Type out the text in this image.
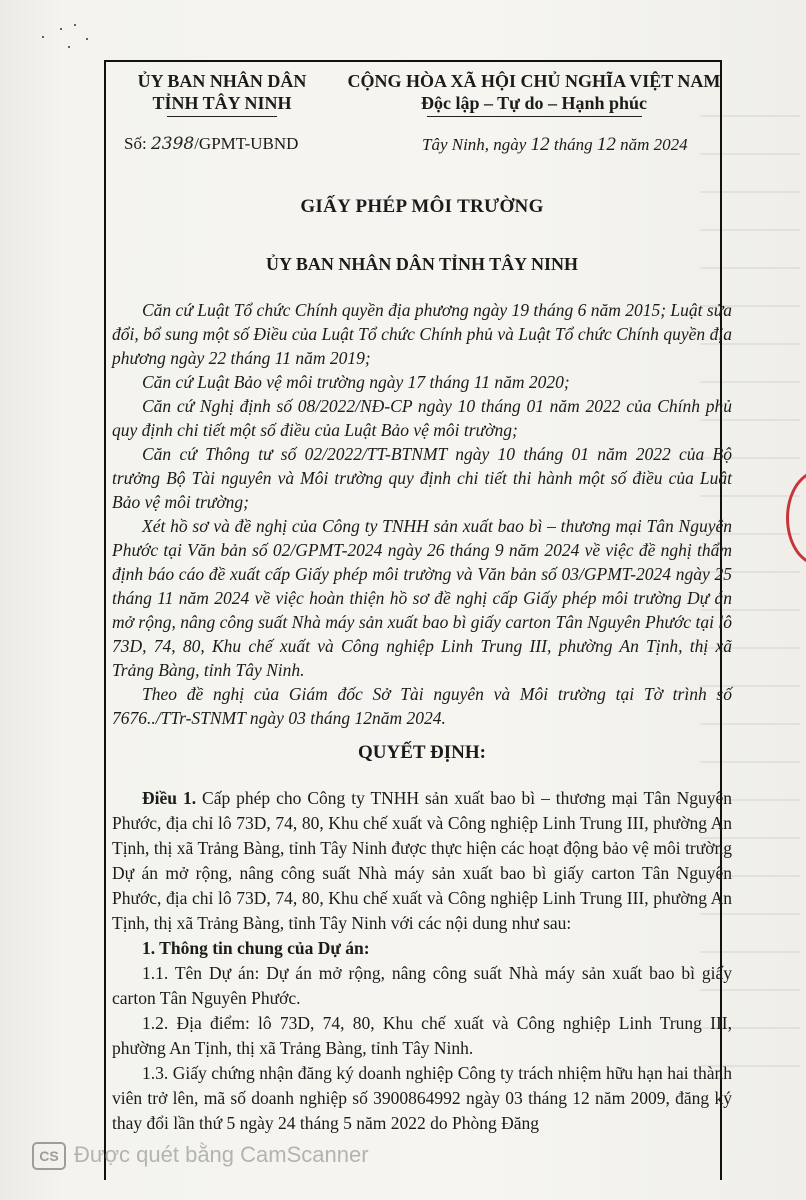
ỦY BAN NHÂN DÂN
TỈNH TÂY NINH
CỘNG HÒA XÃ HỘI CHỦ NGHĨA VIỆT NAM
Độc lập – Tự do – Hạnh phúc
Số: 2398/GPMT-UBND	Tây Ninh, ngày 12 tháng 12 năm 2024
GIẤY PHÉP MÔI TRƯỜNG
ỦY BAN NHÂN DÂN TỈNH TÂY NINH

Căn cứ Luật Tổ chức Chính quyền địa phương ngày 19 tháng 6 năm 2015; Luật sửa đổi, bổ sung một số Điều của Luật Tổ chức Chính phủ và Luật Tổ chức Chính quyền địa phương ngày 22 tháng 11 năm 2019;

Căn cứ Luật Bảo vệ môi trường ngày 17 tháng 11 năm 2020;

Căn cứ Nghị định số 08/2022/NĐ-CP ngày 10 tháng 01 năm 2022 của Chính phủ quy định chi tiết một số điều của Luật Bảo vệ môi trường;

Căn cứ Thông tư số 02/2022/TT-BTNMT ngày 10 tháng 01 năm 2022 của Bộ trưởng Bộ Tài nguyên và Môi trường quy định chi tiết thi hành một số điều của Luật Bảo vệ môi trường;

Xét hồ sơ và đề nghị của Công ty TNHH sản xuất bao bì – thương mại Tân Nguyên Phước tại Văn bản số 02/GPMT-2024 ngày 26 tháng 9 năm 2024 về việc đề nghị thẩm định báo cáo đề xuất cấp Giấy phép môi trường và Văn bản số 03/GPMT-2024 ngày 25 tháng 11 năm 2024 về việc hoàn thiện hồ sơ đề nghị cấp Giấy phép môi trường Dự án mở rộng, nâng công suất Nhà máy sản xuất bao bì giấy carton Tân Nguyên Phước tại lô 73D, 74, 80, Khu chế xuất và Công nghiệp Linh Trung III, phường An Tịnh, thị xã Trảng Bàng, tỉnh Tây Ninh.

Theo đề nghị của Giám đốc Sở Tài nguyên và Môi trường tại Tờ trình số 7676../TTr-STNMT ngày 03 tháng 12năm 2024.

QUYẾT ĐỊNH:

Điều 1. Cấp phép cho Công ty TNHH sản xuất bao bì – thương mại Tân Nguyên Phước, địa chỉ lô 73D, 74, 80, Khu chế xuất và Công nghiệp Linh Trung III, phường An Tịnh, thị xã Trảng Bàng, tỉnh Tây Ninh được thực hiện các hoạt động bảo vệ môi trường Dự án mở rộng, nâng công suất Nhà máy sản xuất bao bì giấy carton Tân Nguyên Phước, địa chỉ lô 73D, 74, 80, Khu chế xuất và Công nghiệp Linh Trung III, phường An Tịnh, thị xã Trảng Bàng, tỉnh Tây Ninh với các nội dung như sau:

1. Thông tin chung của Dự án:

1.1. Tên Dự án: Dự án mở rộng, nâng công suất Nhà máy sản xuất bao bì giấy carton Tân Nguyên Phước.

1.2. Địa điểm: lô 73D, 74, 80, Khu chế xuất và Công nghiệp Linh Trung III, phường An Tịnh, thị xã Trảng Bàng, tỉnh Tây Ninh.

1.3. Giấy chứng nhận đăng ký doanh nghiệp Công ty trách nhiệm hữu hạn hai thành viên trở lên, mã số doanh nghiệp số 3900864992 ngày 03 tháng 12 năm 2009, đăng ký thay đổi lần thứ 5 ngày 24 tháng 5 năm 2022 do Phòng Đăng

CS Được quét bằng CamScanner
